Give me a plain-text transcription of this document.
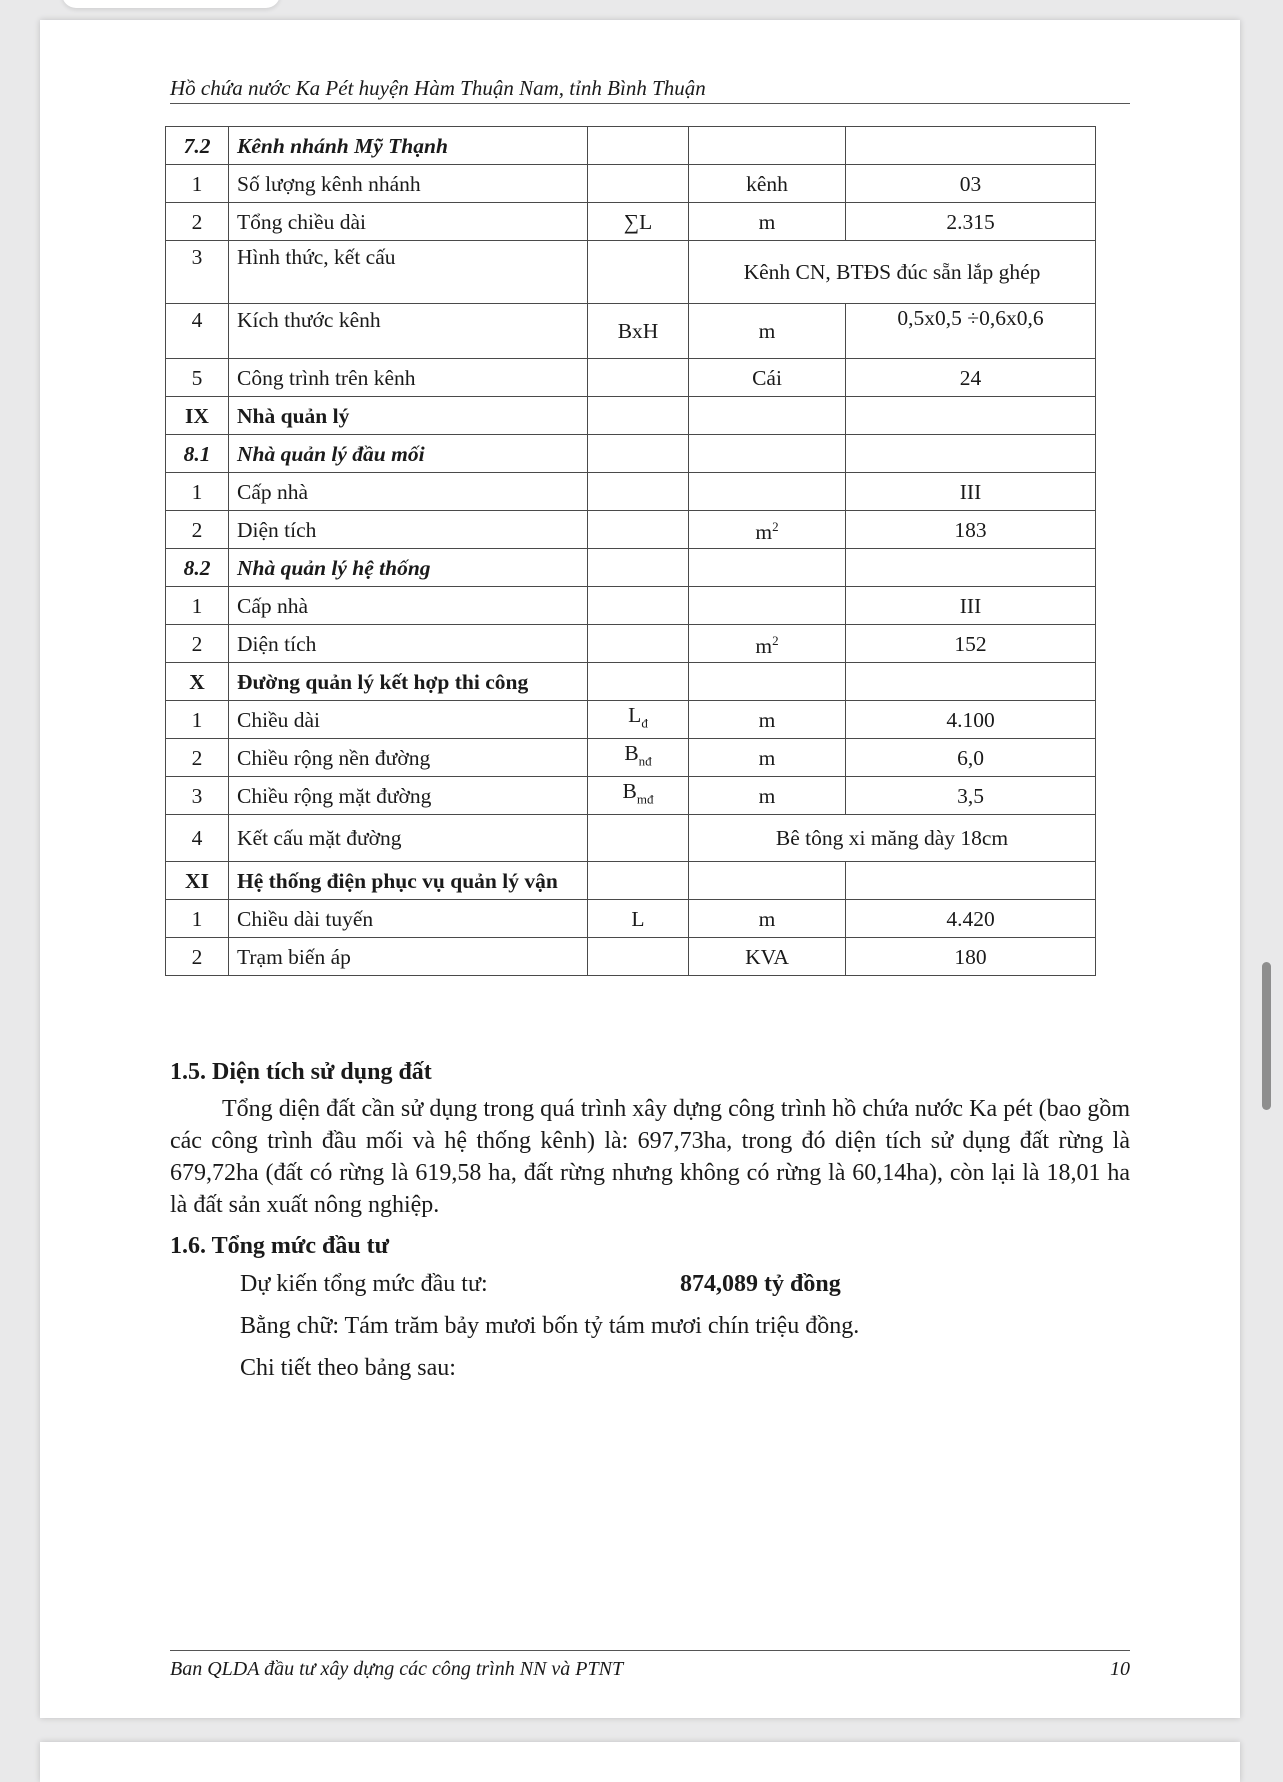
Hồ chứa nước Ka Pét huyện Hàm Thuận Nam, tỉnh Bình Thuận
7.2	Kênh nhánh Mỹ Thạnh			
1	Số lượng kênh nhánh		kênh	03
2	Tổng chiều dài	∑L	m	2.315
3	Hình thức, kết cấu		Kênh CN, BTĐS đúc sẵn lắp ghép	
4	Kích thước kênh	BxH	m	0,5x0,5 ÷0,6x0,6

5	Công trình trên kênh		Cái	24
IX	Nhà quản lý			
8.1	Nhà quản lý đầu mối			
1	Cấp nhà			III
2	Diện tích		$m^2$	183
8.2	Nhà quản lý hệ thống			
1	Cấp nhà			III
2	Diện tích		$m^2$	152
X	Đường quản lý kết hợp thi công			
1	Chiều dài	$L_đ$	m	4.100
2	Chiều rộng nền đường	$B_{nđ}$	m	6,0
3	Chiều rộng mặt đường	$B_{mđ}$	m	3,5
4	Kết cấu mặt đường		Bê tông xi măng dày 18cm	
XI	Hệ thống điện phục vụ quản lý vận			
1	Chiều dài tuyến	L	m	4.420
2	Trạm biến áp		KVA	180

1.5. Diện tích sử dụng đất

Tổng diện đất cần sử dụng trong quá trình xây dựng công trình hồ chứa nước Ka pét (bao gồm các công trình đầu mối và hệ thống kênh) là: 697,73ha, trong đó diện tích sử dụng đất rừng là 679,72ha (đất có rừng là 619,58 ha, đất rừng nhưng không có rừng là 60,14ha), còn lại là 18,01 ha là đất sản xuất nông nghiệp.

1.6. Tổng mức đầu tư

Dự kiến tổng mức đầu tư:	874,089 tỷ đồng
Bằng chữ: Tám trăm bảy mươi bốn tỷ tám mươi chín triệu đồng.
Chi tiết theo bảng sau:
Ban QLDA đầu tư xây dựng các công trình NN và PTNT	10
